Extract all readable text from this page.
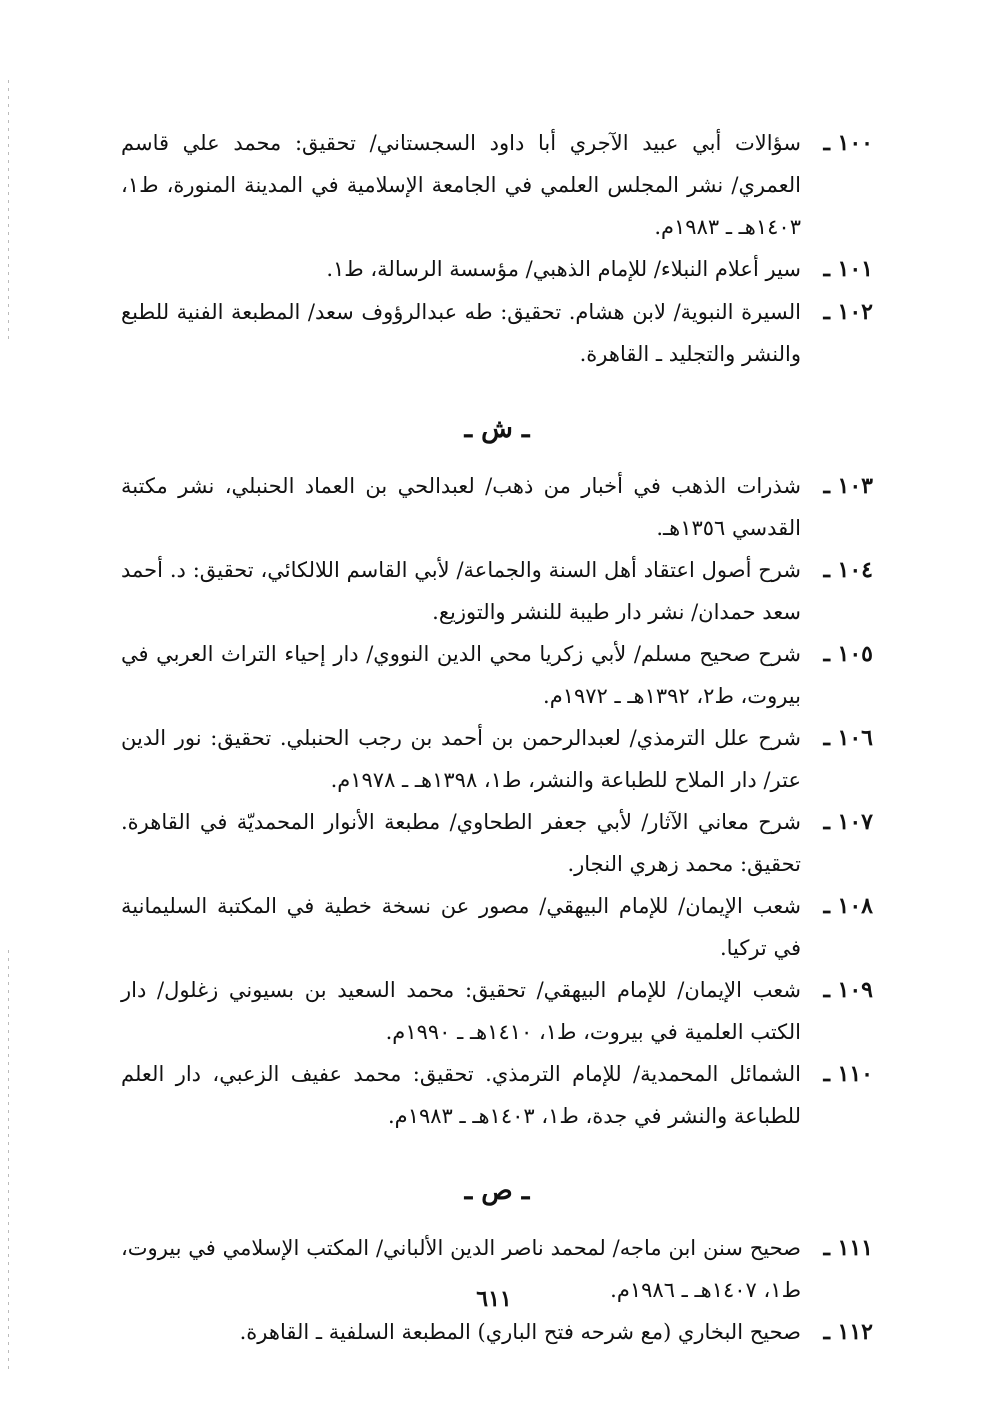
١٠٠ ـ
سؤالات أبي عبيد الآجري أبا داود السجستاني/ تحقيق: محمد علي قاسم العمري/ نشر المجلس العلمي في الجامعة الإسلامية في المدينة المنورة، ط١، ١٤٠٣هـ ـ ١٩٨٣م.
١٠١ ـ
سير أعلام النبلاء/ للإمام الذهبي/ مؤسسة الرسالة، ط١.
١٠٢ ـ
السيرة النبوية/ لابن هشام. تحقيق: طه عبدالرؤوف سعد/ المطبعة الفنية للطبع والنشر والتجليد ـ القاهرة.
ـ ش ـ
١٠٣ ـ
شذرات الذهب في أخبار من ذهب/ لعبدالحي بن العماد الحنبلي، نشر مكتبة القدسي ١٣٥٦هـ.
١٠٤ ـ
شرح أصول اعتقاد أهل السنة والجماعة/ لأبي القاسم اللالكائي، تحقيق: د. أحمد سعد حمدان/ نشر دار طيبة للنشر والتوزيع.
١٠٥ ـ
شرح صحيح مسلم/ لأبي زكريا محي الدين النووي/ دار إحياء التراث العربي في بيروت، ط٢، ١٣٩٢هـ ـ ١٩٧٢م.
١٠٦ ـ
شرح علل الترمذي/ لعبدالرحمن بن أحمد بن رجب الحنبلي. تحقيق: نور الدين عتر/ دار الملاح للطباعة والنشر، ط١، ١٣٩٨هـ ـ ١٩٧٨م.
١٠٧ ـ
شرح معاني الآثار/ لأبي جعفر الطحاوي/ مطبعة الأنوار المحمديّة في القاهرة. تحقيق: محمد زهري النجار.
١٠٨ ـ
شعب الإيمان/ للإمام البيهقي/ مصور عن نسخة خطية في المكتبة السليمانية في تركيا.
١٠٩ ـ
شعب الإيمان/ للإمام البيهقي/ تحقيق: محمد السعيد بن بسيوني زغلول/ دار الكتب العلمية في بيروت، ط١، ١٤١٠هـ ـ ١٩٩٠م.
١١٠ ـ
الشمائل المحمدية/ للإمام الترمذي. تحقيق: محمد عفيف الزعبي، دار العلم للطباعة والنشر في جدة، ط١، ١٤٠٣هـ ـ ١٩٨٣م.
ـ ص ـ
١١١ ـ
صحيح سنن ابن ماجه/ لمحمد ناصر الدين الألباني/ المكتب الإسلامي في بيروت، ط١، ١٤٠٧هـ ـ ١٩٨٦م.
١١٢ ـ
صحيح البخاري (مع شرحه فتح الباري) المطبعة السلفية ـ القاهرة.
٦١١
